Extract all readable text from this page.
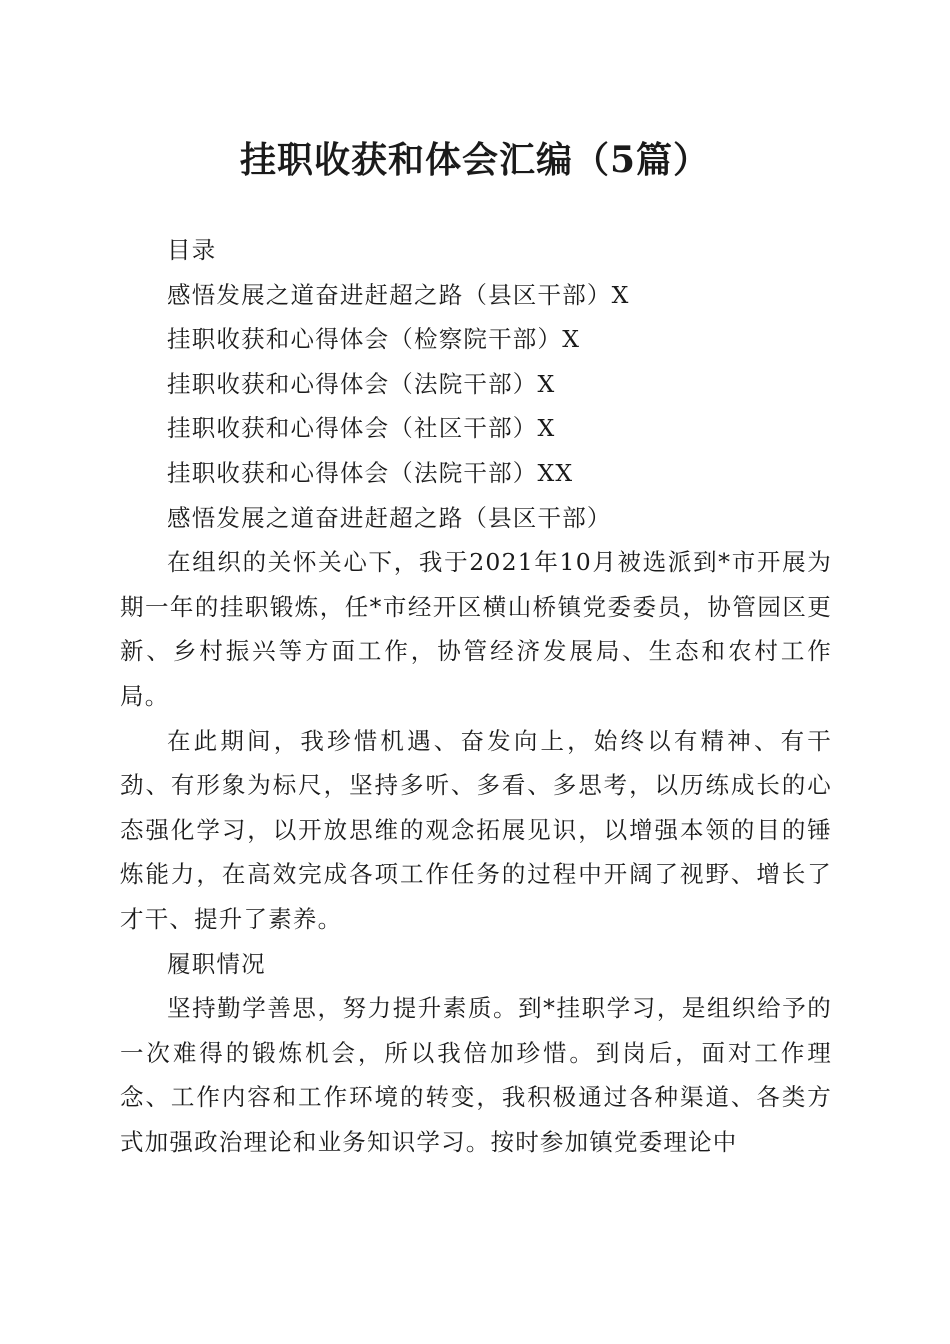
挂职收获和体会汇编（5篇）
目录
感悟发展之道奋进赶超之路（县区干部）X
挂职收获和心得体会（检察院干部）X
挂职收获和心得体会（法院干部）X
挂职收获和心得体会（社区干部）X
挂职收获和心得体会（法院干部）XX
感悟发展之道奋进赶超之路（县区干部）

在组织的关怀关心下，我于2021年10月被选派到*市开展为期一年的挂职锻炼，任*市经开区横山桥镇党委委员，协管园区更新、乡村振兴等方面工作，协管经济发展局、生态和农村工作局。

在此期间，我珍惜机遇、奋发向上，始终以有精神、有干劲、有形象为标尺，坚持多听、多看、多思考，以历练成长的心态强化学习，以开放思维的观念拓展见识，以增强本领的目的锤炼能力，在高效完成各项工作任务的过程中开阔了视野、增长了才干、提升了素养。

履职情况

坚持勤学善思，努力提升素质。到*挂职学习，是组织给予的一次难得的锻炼机会，所以我倍加珍惜。到岗后，面对工作理念、工作内容和工作环境的转变，我积极通过各种渠道、各类方式加强政治理论和业务知识学习。按时参加镇党委理论中
